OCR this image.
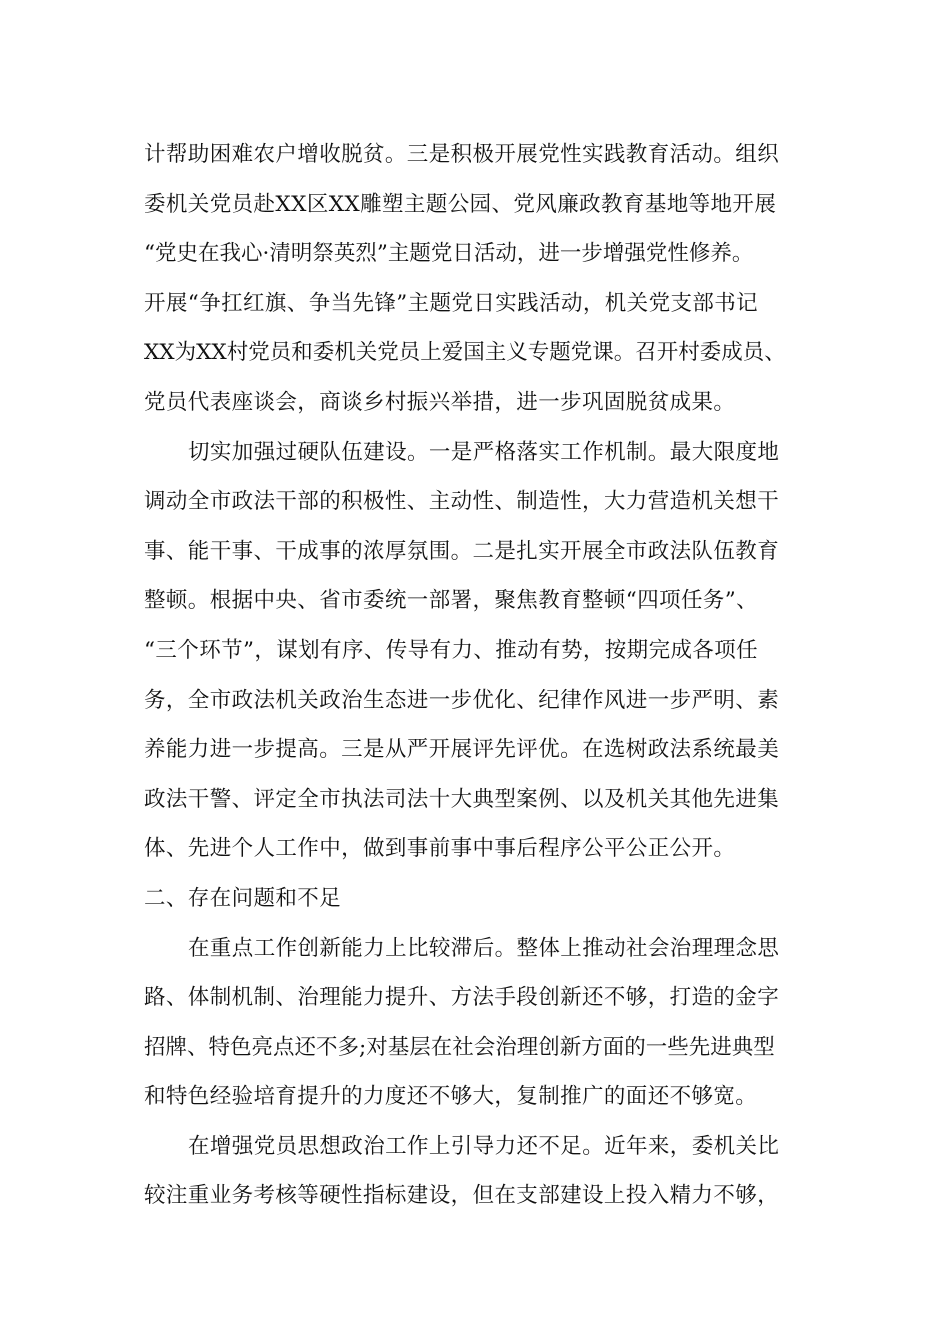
计帮助困难农户增收脱贫。三是积极开展党性实践教育活动。组织
委机关党员赴XX区XX雕塑主题公园、党风廉政教育基地等地开展
“党史在我心·清明祭英烈”主题党日活动，进一步增强党性修养。
开展“争扛红旗、争当先锋”主题党日实践活动，机关党支部书记
XX为XX村党员和委机关党员上爱国主义专题党课。召开村委成员、
党员代表座谈会，商谈乡村振兴举措，进一步巩固脱贫成果。
切实加强过硬队伍建设。一是严格落实工作机制。最大限度地
调动全市政法干部的积极性、主动性、制造性，大力营造机关想干
事、能干事、干成事的浓厚氛围。二是扎实开展全市政法队伍教育
整顿。根据中央、省市委统一部署，聚焦教育整顿“四项任务”、
“三个环节”，谋划有序、传导有力、推动有势，按期完成各项任
务，全市政法机关政治生态进一步优化、纪律作风进一步严明、素
养能力进一步提高。三是从严开展评先评优。在选树政法系统最美
政法干警、评定全市执法司法十大典型案例、以及机关其他先进集
体、先进个人工作中，做到事前事中事后程序公平公正公开。
二、存在问题和不足
在重点工作创新能力上比较滞后。整体上推动社会治理理念思
路、体制机制、治理能力提升、方法手段创新还不够，打造的金字
招牌、特色亮点还不多;对基层在社会治理创新方面的一些先进典型
和特色经验培育提升的力度还不够大，复制推广的面还不够宽。
在增强党员思想政治工作上引导力还不足。近年来，委机关比
较注重业务考核等硬性指标建设，但在支部建设上投入精力不够，
